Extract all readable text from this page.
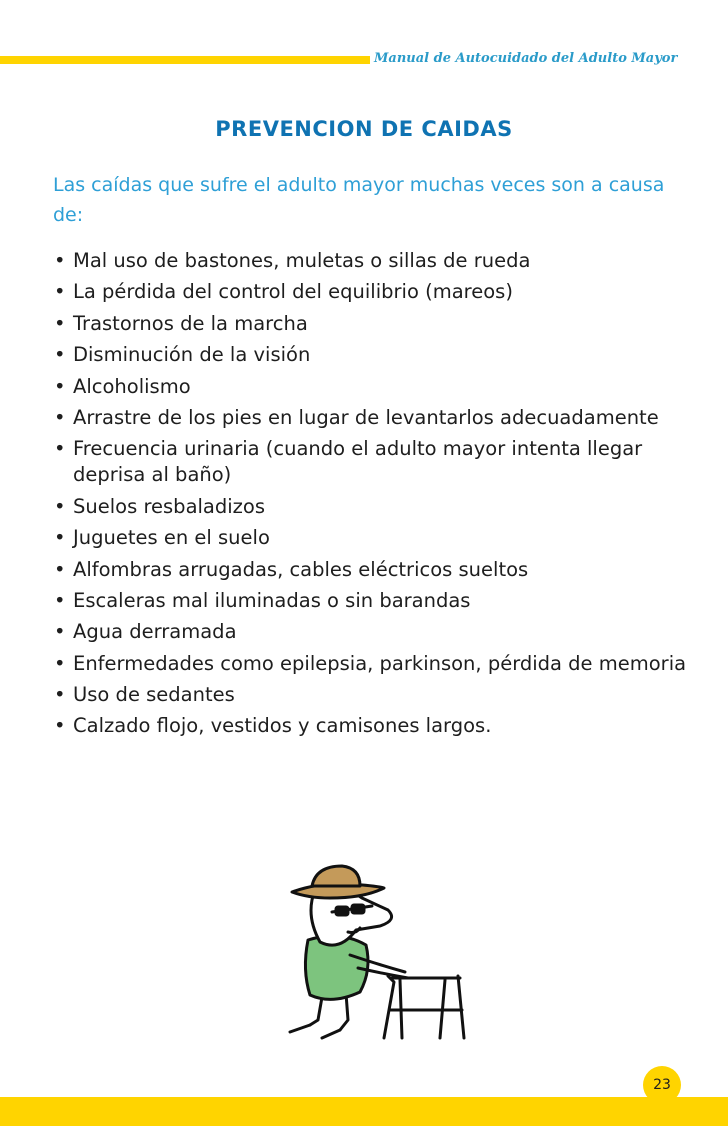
Manual de Autocuidado del Adulto Mayor
PREVENCION DE CAIDAS
Las caídas que sufre el adulto mayor muchas veces son a causa de:
• Mal uso de bastones, muletas o sillas de rueda
• La pérdida del control del equilibrio (mareos)
• Trastornos de la marcha
• Disminución de la visión
• Alcoholismo
• Arrastre de los pies en lugar de levantarlos adecuadamente
• Frecuencia urinaria (cuando el adulto mayor intenta llegar deprisa al baño)
• Suelos resbaladizos
• Juguetes en el suelo
• Alfombras arrugadas, cables eléctricos sueltos
• Escaleras mal iluminadas o sin barandas
• Agua derramada
• Enfermedades como epilepsia, parkinson, pérdida de memoria
• Uso de sedantes
• Calzado flojo, vestidos y camisones largos.
23
